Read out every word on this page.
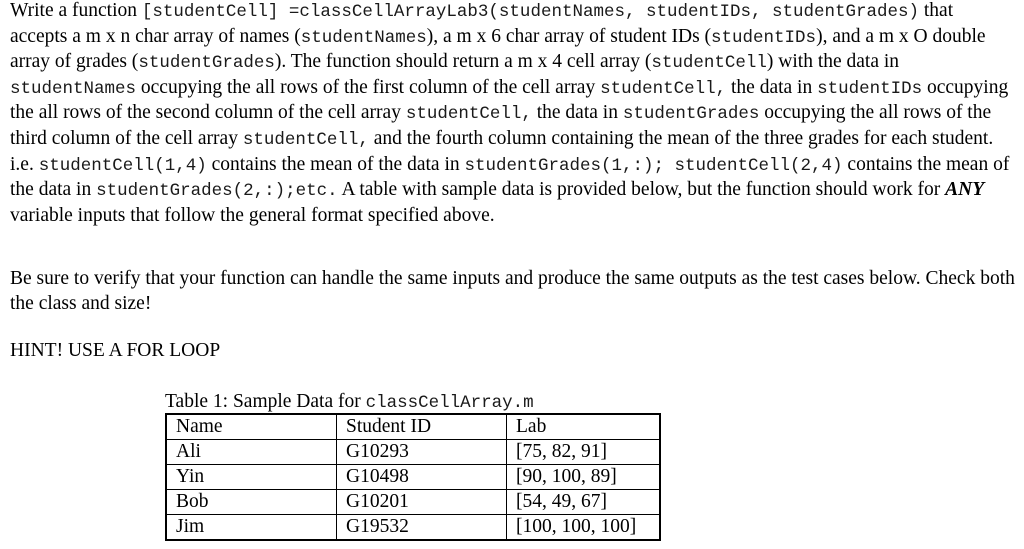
Write a function [studentCell] =classCellArrayLab3(studentNames, studentIDs, studentGrades) that accepts a m x n char array of names (studentNames), a m x 6 char array of student IDs (studentIDs), and a m x O double array of grades (studentGrades). The function should return a m x 4 cell array (studentCell) with the data in studentNames occupying the all rows of the first column of the cell array studentCell, the data in studentIDs occupying the all rows of the second column of the cell array studentCell, the data in studentGrades occupying the all rows of the third column of the cell array studentCell, and the fourth column containing the mean of the three grades for each student. i.e. studentCell(1,4) contains the mean of the data in studentGrades(1,:); studentCell(2,4) contains the mean of the data in studentGrades(2,:);etc. A table with sample data is provided below, but the function should work for ANY variable inputs that follow the general format specified above.
Be sure to verify that your function can handle the same inputs and produce the same outputs as the test cases below. Check both the class and size!
HINT! USE A FOR LOOP
Table 1: Sample Data for classCellArray.m
Name	Student ID	Lab
Ali	G10293	[75, 82, 91]
Yin	G10498	[90, 100, 89]
Bob	G10201	[54, 49, 67]
Jim	G19532	[100, 100, 100]
